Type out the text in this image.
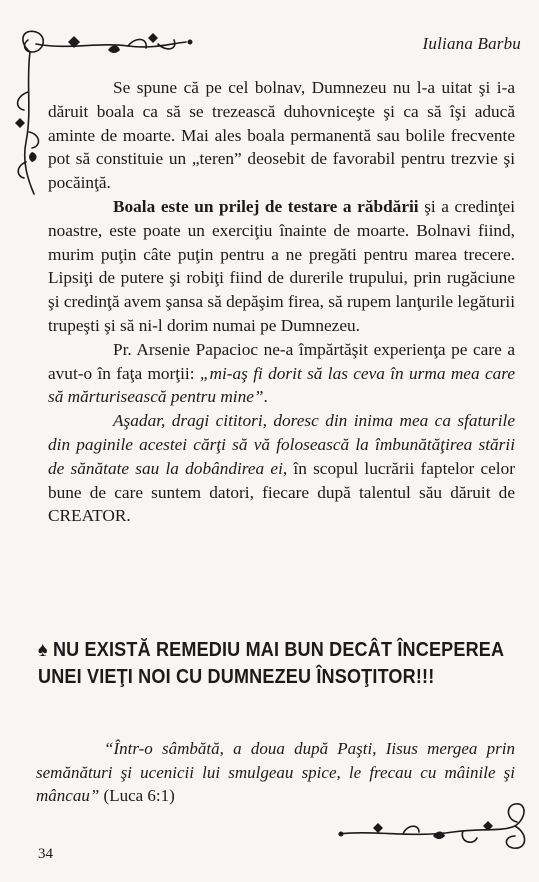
Iuliana Barbu

Se spune că pe cel bolnav, Dumnezeu nu l-a uitat şi i-a dăruit boala ca să se trezească duhovniceşte şi ca să îşi aducă aminte de moarte. Mai ales boala permanentă sau bolile frecvente pot să constituie un „teren” deosebit de favorabil pentru trezvie şi pocăinţă.

Boala este un prilej de testare a răbdării şi a credinţei noastre, este poate un exerciţiu înainte de moarte. Bolnavi fiind, murim puţin câte puţin pentru a ne pregăti pentru marea trecere. Lipsiţi de putere şi robiţi fiind de durerile trupului, prin rugăciune şi credinţă avem şansa să depăşim firea, să rupem lanţurile legăturii trupeşti şi să ni-l dorim numai pe Dumnezeu.

Pr. Arsenie Papacioc ne-a împărtăşit experienţa pe care a avut-o în faţa morţii: „mi-aş fi dorit să las ceva în urma mea care să mărturisească pentru mine”.

Aşadar, dragi cititori, doresc din inima mea ca sfaturile din paginile acestei cărţi să vă folosească la îmbunătăţirea stării de sănătate sau la dobândirea ei, în scopul lucrării faptelor celor bune de care suntem datori, fiecare după talentul său dăruit de CREATOR.

♠ NU EXISTĂ REMEDIU MAI BUN DECÂT ÎNCEPEREA UNEI VIEŢI NOI CU DUMNEZEU ÎNSOŢITOR!!!

“Într-o sâmbătă, a doua după Paşti, Iisus mergea prin semănături şi ucenicii lui smulgeau spice, le frecau cu mâinile şi mâncau” (Luca 6:1)

34
